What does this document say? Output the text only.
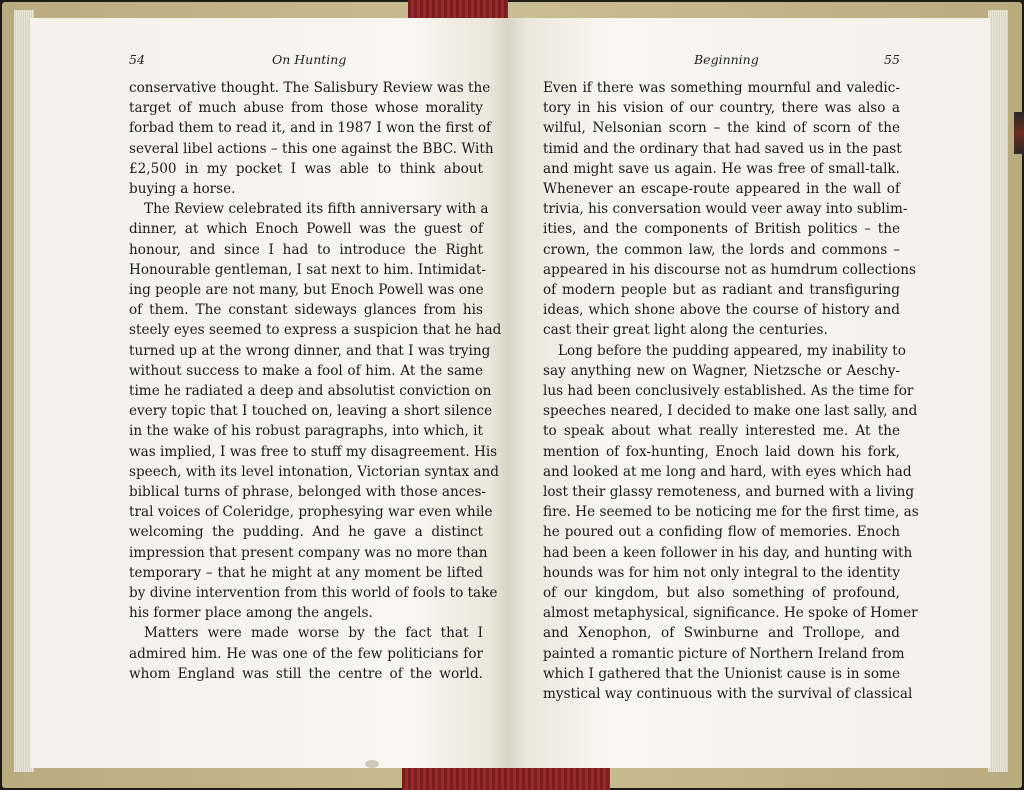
54	On Hunting
conservative thought. The Salisbury Review was the
target of much abuse from those whose morality
forbad them to read it, and in 1987 I won the first of
several libel actions – this one against the BBC. With
£2,500 in my pocket I was able to think about
buying a horse.
The Review celebrated its fifth anniversary with a
dinner, at which Enoch Powell was the guest of
honour, and since I had to introduce the Right
Honourable gentleman, I sat next to him. Intimidat-
ing people are not many, but Enoch Powell was one
of them. The constant sideways glances from his
steely eyes seemed to express a suspicion that he had
turned up at the wrong dinner, and that I was trying
without success to make a fool of him. At the same
time he radiated a deep and absolutist conviction on
every topic that I touched on, leaving a short silence
in the wake of his robust paragraphs, into which, it
was implied, I was free to stuff my disagreement. His
speech, with its level intonation, Victorian syntax and
biblical turns of phrase, belonged with those ances-
tral voices of Coleridge, prophesying war even while
welcoming the pudding. And he gave a distinct
impression that present company was no more than
temporary – that he might at any moment be lifted
by divine intervention from this world of fools to take
his former place among the angels.
Matters were made worse by the fact that I
admired him. He was one of the few politicians for
whom England was still the centre of the world.
Beginning	55
Even if there was something mournful and valedic-
tory in his vision of our country, there was also a
wilful, Nelsonian scorn – the kind of scorn of the
timid and the ordinary that had saved us in the past
and might save us again. He was free of small-talk.
Whenever an escape-route appeared in the wall of
trivia, his conversation would veer away into sublim-
ities, and the components of British politics – the
crown, the common law, the lords and commons –
appeared in his discourse not as humdrum collections
of modern people but as radiant and transfiguring
ideas, which shone above the course of history and
cast their great light along the centuries.
Long before the pudding appeared, my inability to
say anything new on Wagner, Nietzsche or Aeschy-
lus had been conclusively established. As the time for
speeches neared, I decided to make one last sally, and
to speak about what really interested me. At the
mention of fox-hunting, Enoch laid down his fork,
and looked at me long and hard, with eyes which had
lost their glassy remoteness, and burned with a living
fire. He seemed to be noticing me for the first time, as
he poured out a confiding flow of memories. Enoch
had been a keen follower in his day, and hunting with
hounds was for him not only integral to the identity
of our kingdom, but also something of profound,
almost metaphysical, significance. He spoke of Homer
and Xenophon, of Swinburne and Trollope, and
painted a romantic picture of Northern Ireland from
which I gathered that the Unionist cause is in some
mystical way continuous with the survival of classical
